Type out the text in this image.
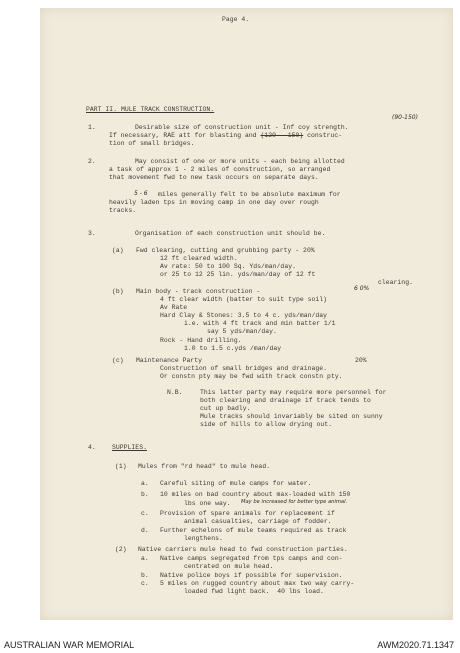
Page 4.
PART II. MULE TRACK CONSTRUCTION.
(90-150)
1.	Desirable size of construction unit - Inf coy strength.
If necessary, RAE att for blasting and (120 - 150) construc-
tion of small bridges.
2.	May consist of one or more units - each being allotted
a task of approx 1 - 2 miles of construction, so arranged
that movement fwd to new task occurs on separate days.
5 - 6 miles generally felt to be absolute maximum for
heavily laden tps in moving camp in one day over rough
tracks.
3.	Organisation of each construction unit should be.
(a) Fwd clearing, cutting and grubbing party - 20%
12 ft cleared width.
Av rate: 50 to 100 Sq. Yds/man/day.
or 25 to 12 25 lin. yds/man/day of 12 ft
clearing.
(b) Main body - track construction -	6 0%
4 ft clear width (batter to suit type soil)
Av Rate
Hard Clay & Stones: 3.5 to 4 c. yds/man/day
i.e. with 4 ft track and min batter 1/1
say 5 yds/man/day.
Rock - Hand drilling.
1.0 to 1.5 c.yds /man/day
(c) Maintenance Party	20%
Construction of small bridges and drainage.
Or constn pty may be fwd with track constn pty.
N.B.	This latter party may require more personnel for
both clearing and drainage if track tends to
cut up badly.
Mule tracks should invariably be sited on sunny
side of hills to allow drying out.
4.	SUPPLIES.
(1) Mules from "rd head" to mule head.
a. Careful siting of mule camps for water.
b. 10 miles on bad country about max-loaded with 150
lbs one way. May be increased for better type animal.
c. Provision of spare animals for replacement if
animal casualties, carriage of fodder.
d. Further echelons of mule teams required as track
lengthens.
(2) Native carriers mule head to fwd construction parties.
a. Native camps segregated from tps camps and con-
centrated on mule head.
b. Native police boys if possible for supervision.
c. 5 miles on rugged country about max two way carry-
loaded fwd light back.  40 lbs load.
AUSTRALIAN WAR MEMORIAL	AWM2020.71.1347
